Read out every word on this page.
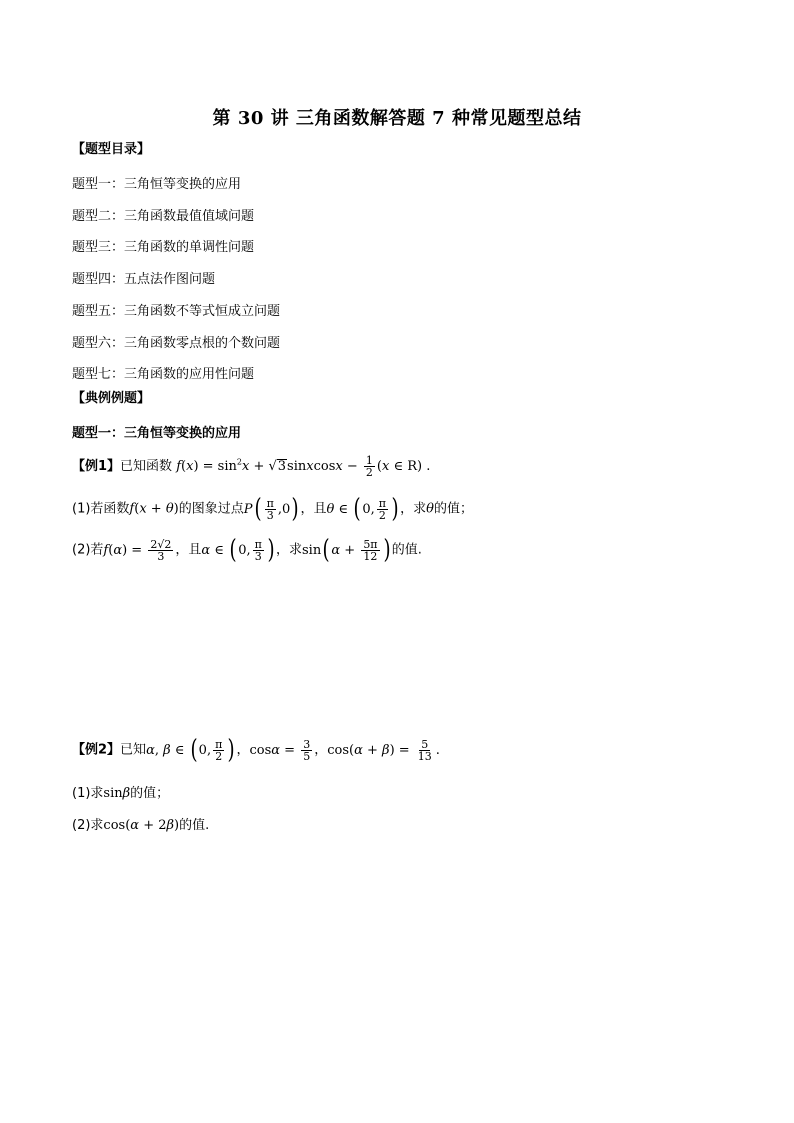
第 30 讲 三角函数解答题 7 种常见题型总结
【题型目录】
题型一：三角恒等变换的应用
题型二：三角函数最值值域问题
题型三：三角函数的单调性问题
题型四：五点法作图问题
题型五：三角函数不等式恒成立问题
题型六：三角函数零点根的个数问题
题型七：三角函数的应用性问题
【典例例题】
题型一：三角恒等变换的应用
【例1】已知函数 $f(x) = \sin^2x$ + √3sinxcosx − $\frac{1}{2} (x$ ∈ R) .
(1)若函数f(x + θ)的图象过点$P( \frac{\pi}{3} ,0)$ ，且θ ∈ ( 0, $\frac{\pi}{2}$ ) ，求θ的值；
(2)若$f(\alpha) = \frac{2√2}{3}$ ，且α ∈ ( 0, $\frac{\pi}{3}$ ) ，求sin( $\alpha + \frac{5\pi}{12}$ ) 的值.
【例2】已知α, β ∈ ( 0, $\frac{\pi}{2}$ ) ，$\cos\alpha = \frac{3}{5}$ ，$\cos(\alpha + \beta) = \frac{5}{13}$ .
(1)求sinβ的值；
(2)求cos(α + 2β)的值.
